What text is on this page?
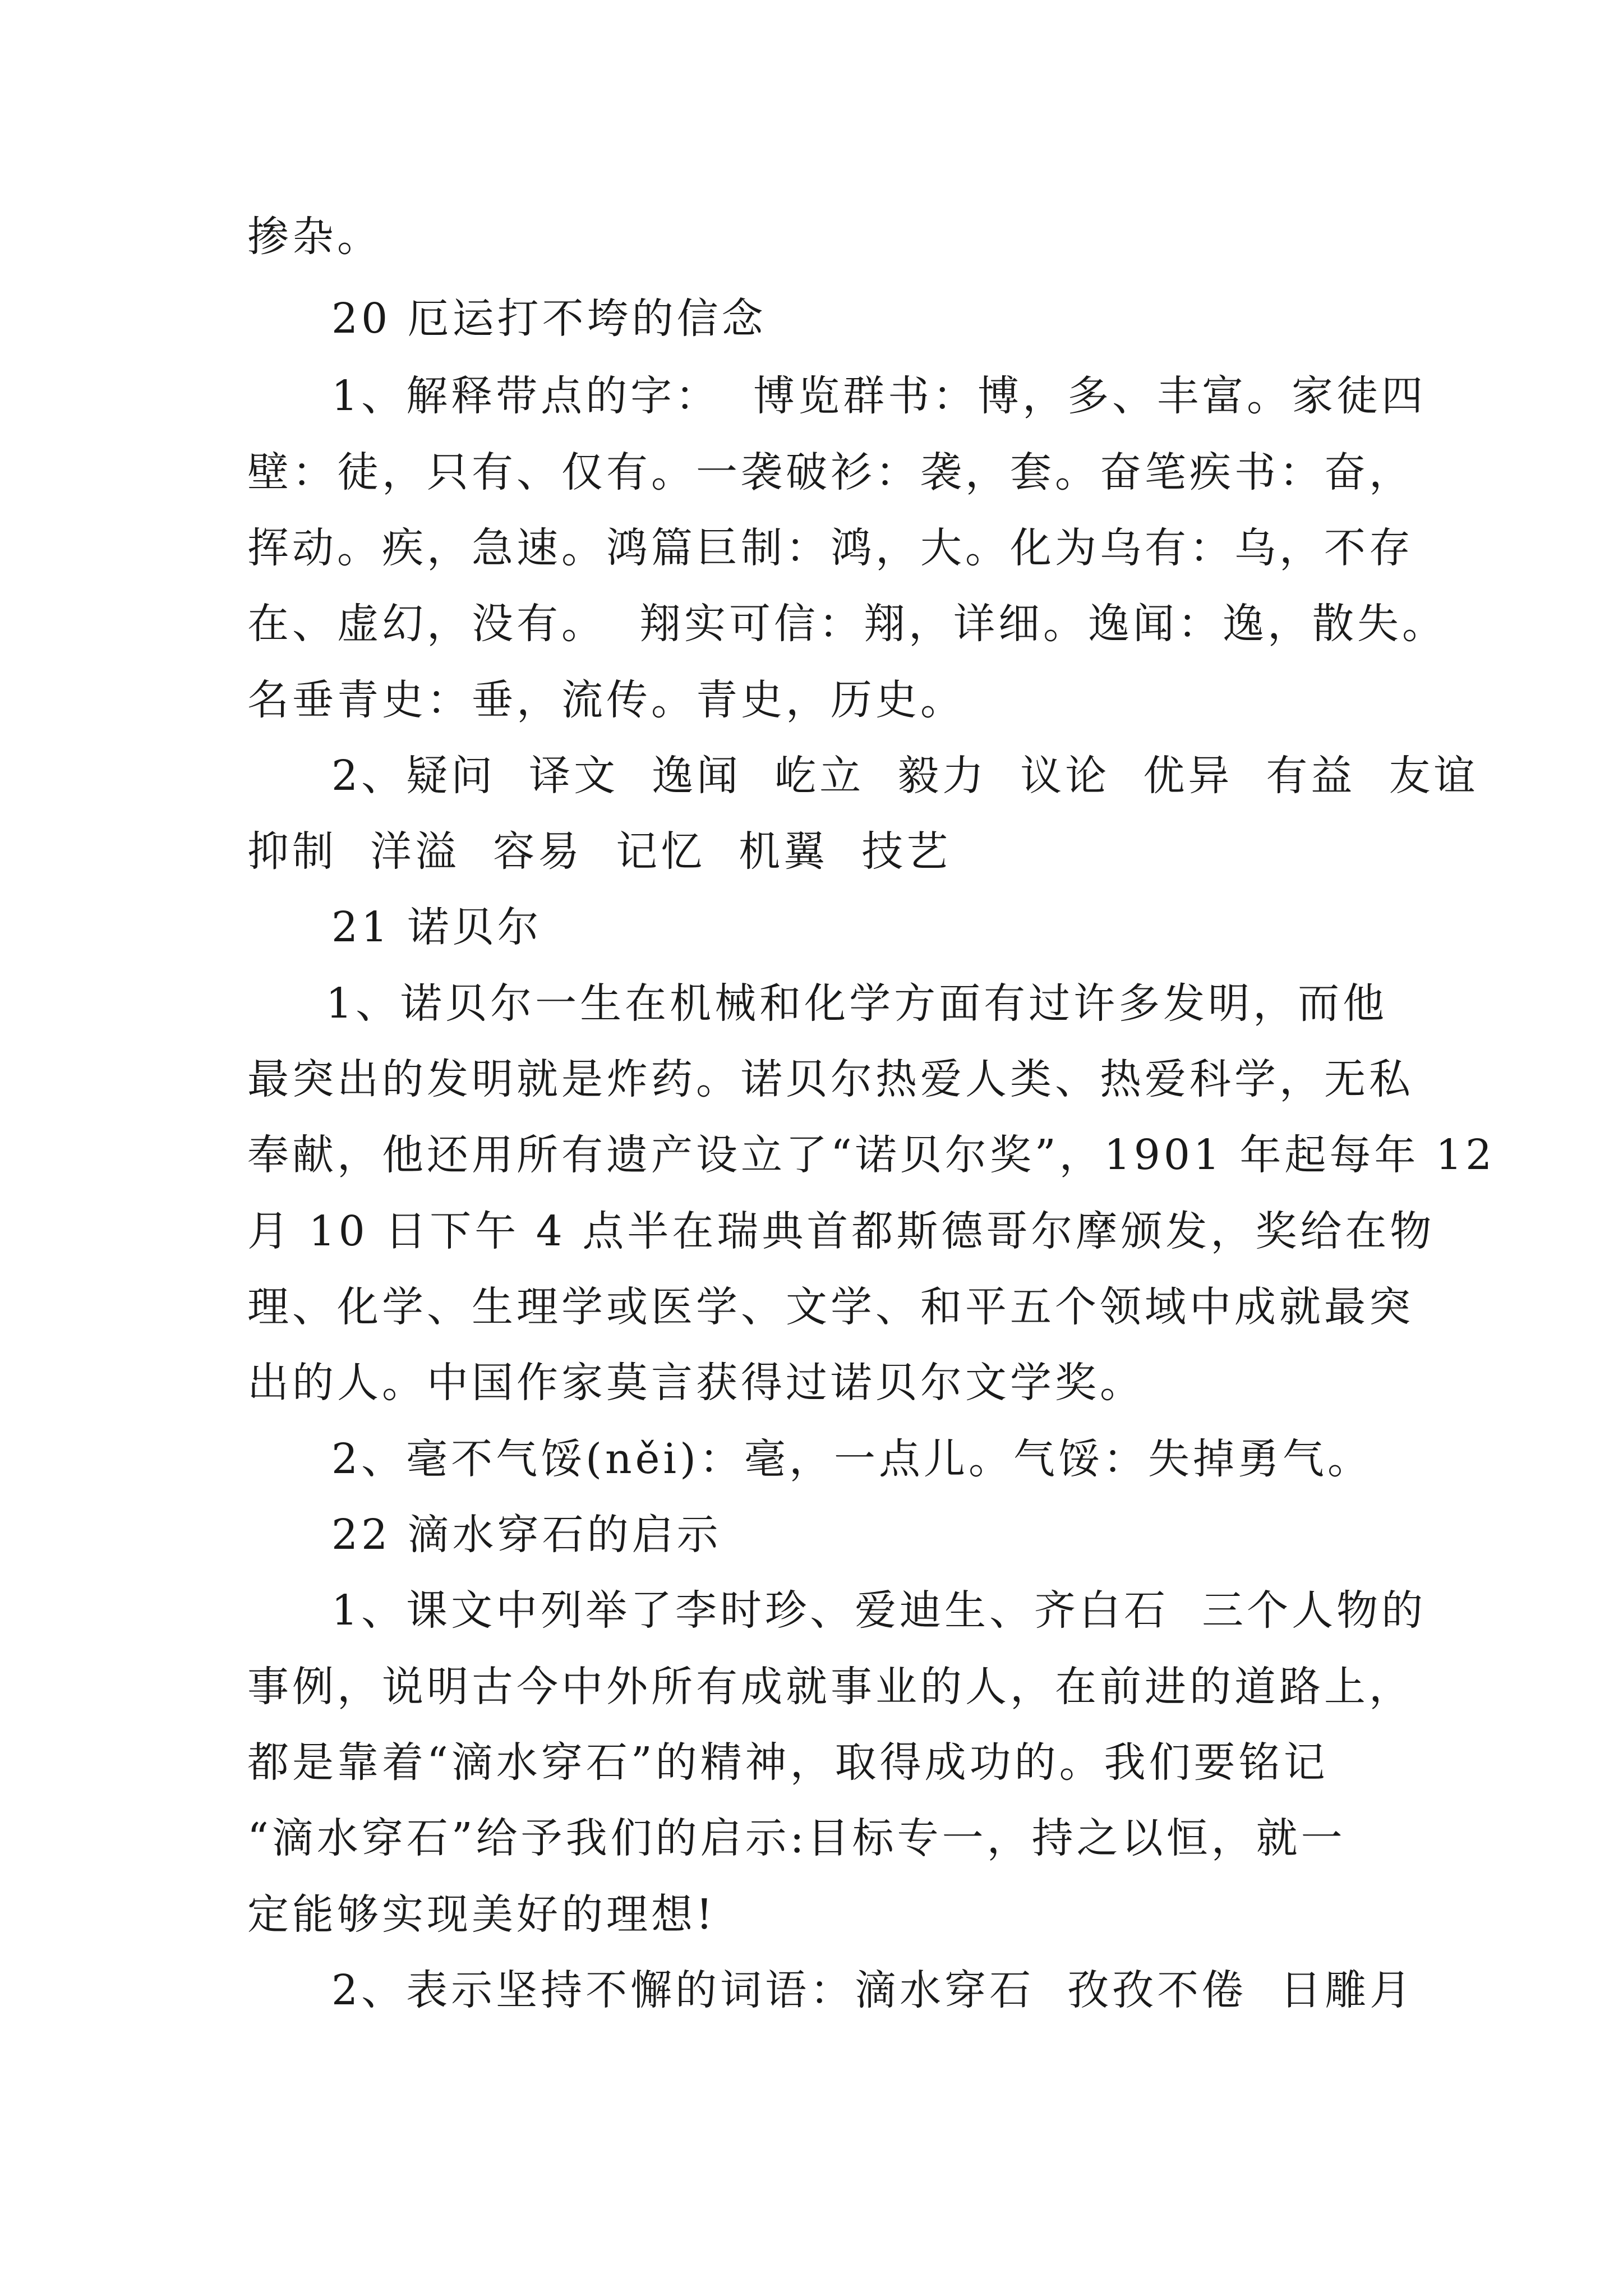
掺杂。
20 厄运打不垮的信念
1、解释带点的字：  博览群书：博，多、丰富。家徒四
壁：徒，只有、仅有。一袭破衫：袭，套。奋笔疾书：奋，
挥动。疾，急速。鸿篇巨制：鸿，大。化为乌有：乌，不存
在、虚幻，没有。  翔实可信：翔，详细。逸闻：逸，散失。
名垂青史：垂，流传。青史，历史。
2、疑问  译文  逸闻  屹立  毅力  议论  优异  有益  友谊
抑制  洋溢  容易  记忆  机翼  技艺
21 诺贝尔
1、诺贝尔一生在机械和化学方面有过许多发明，而他
最突出的发明就是炸药。诺贝尔热爱人类、热爱科学，无私
奉献，他还用所有遗产设立了“诺贝尔奖”，1901 年起每年 12
月 10 日下午 4 点半在瑞典首都斯德哥尔摩颁发，奖给在物
理、化学、生理学或医学、文学、和平五个领域中成就最突
出的人。中国作家莫言获得过诺贝尔文学奖。
2、毫不气馁(něi)：毫，一点儿。气馁：失掉勇气。
22 滴水穿石的启示
1、课文中列举了李时珍、爱迪生、齐白石  三个人物的
事例，说明古今中外所有成就事业的人，在前进的道路上，
都是靠着“滴水穿石”的精神，取得成功的。我们要铭记
“滴水穿石”给予我们的启示:目标专一，持之以恒，就一
定能够实现美好的理想!
2、表示坚持不懈的词语：滴水穿石  孜孜不倦  日雕月
